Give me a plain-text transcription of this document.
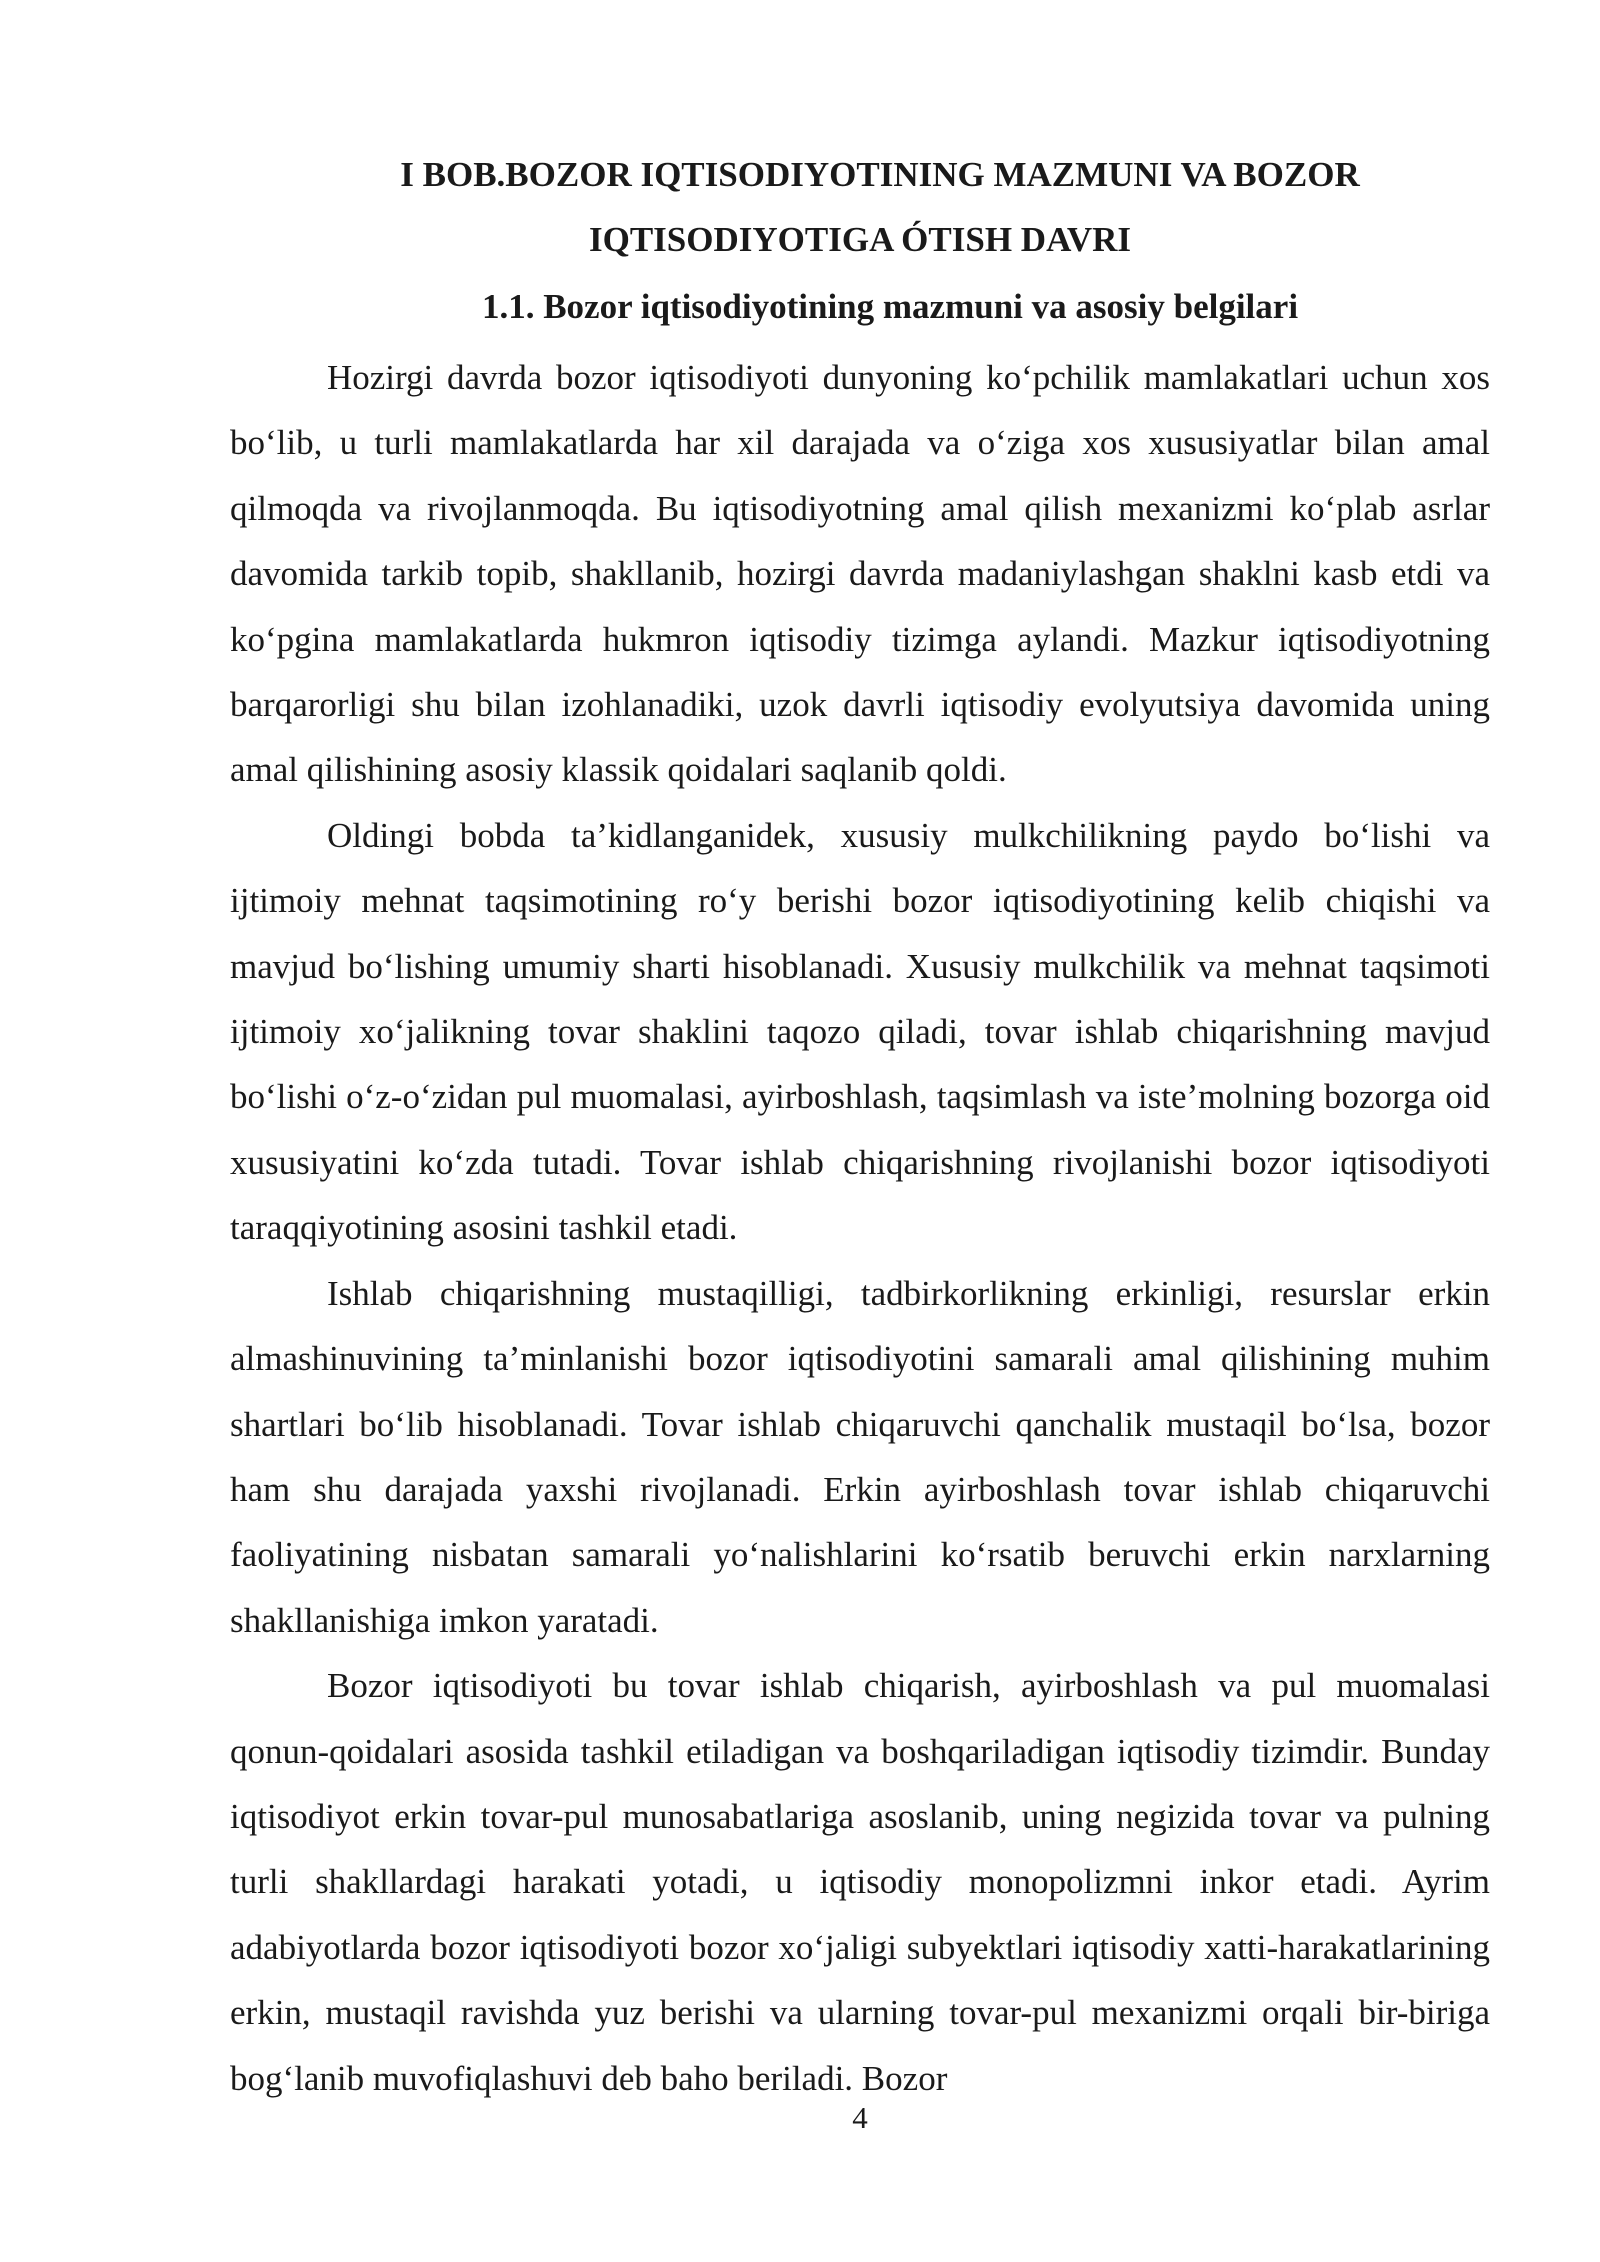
I BOB.BOZOR IQTISODIYOTINING MAZMUNI VA BOZOR
IQTISODIYOTIGA ÓTISH DAVRI
1.1. Bozor iqtisodiyotining mazmuni va asosiy belgilari

Hozirgi davrda bozor iqtisodiyoti dunyoning ko‘pchilik mamlakatlari uchun xos bo‘lib, u turli mamlakatlarda har xil darajada va o‘ziga xos xususiyatlar bilan amal qilmoqda va rivojlanmoqda. Bu iqtisodiyotning amal qilish mexanizmi ko‘plab asrlar davomida tarkib topib, shakllanib, hozirgi davrda madaniylashgan shaklni kasb etdi va ko‘pgina mamlakatlarda hukmron iqtisodiy tizimga aylandi. Mazkur iqtisodiyotning barqarorligi shu bilan izohlanadiki, uzok davrli iqtisodiy evolyutsiya davomida uning amal qilishining asosiy klassik qoidalari saqlanib qoldi.

Oldingi bobda ta’kidlanganidek, xususiy mulkchilikning paydo bo‘lishi va ijtimoiy mehnat taqsimotining ro‘y berishi bozor iqtisodiyotining kelib chiqishi va mavjud bo‘lishing umumiy sharti hisoblanadi. Xususiy mulkchilik va mehnat taqsimoti ijtimoiy xo‘jalikning tovar shaklini taqozo qiladi, tovar ishlab chiqarishning mavjud bo‘lishi o‘z-o‘zidan pul muomalasi, ayirboshlash, taqsimlash va iste’molning bozorga oid xususiyatini ko‘zda tutadi. Tovar ishlab chiqarishning rivojlanishi bozor iqtisodiyoti taraqqiyotining asosini tashkil etadi.

Ishlab chiqarishning mustaqilligi, tadbirkorlikning erkinligi, resurslar erkin almashinuvining ta’minlanishi bozor iqtisodiyotini samarali amal qilishining muhim shartlari bo‘lib hisoblanadi. Tovar ishlab chiqaruvchi qanchalik mustaqil bo‘lsa, bozor ham shu darajada yaxshi rivojlanadi. Erkin ayirboshlash tovar ishlab chiqaruvchi faoliyatining nisbatan samarali yo‘nalishlarini ko‘rsatib beruvchi erkin narxlarning shakllanishiga imkon yaratadi.

Bozor iqtisodiyoti bu tovar ishlab chiqarish, ayirboshlash va pul muomalasi qonun-qoidalari asosida tashkil etiladigan va boshqariladigan iqtisodiy tizimdir. Bunday iqtisodiyot erkin tovar-pul munosabatlariga asoslanib, uning negizida tovar va pulning turli shakllardagi harakati yotadi, u iqtisodiy monopolizmni inkor etadi. Ayrim adabiyotlarda bozor iqtisodiyoti bozor xo‘jaligi subyektlari iqtisodiy xatti-harakatlarining erkin, mustaqil ravishda yuz berishi va ularning tovar-pul mexanizmi orqali bir-biriga bog‘lanib muvofiqlashuvi deb baho beriladi. Bozor

4
